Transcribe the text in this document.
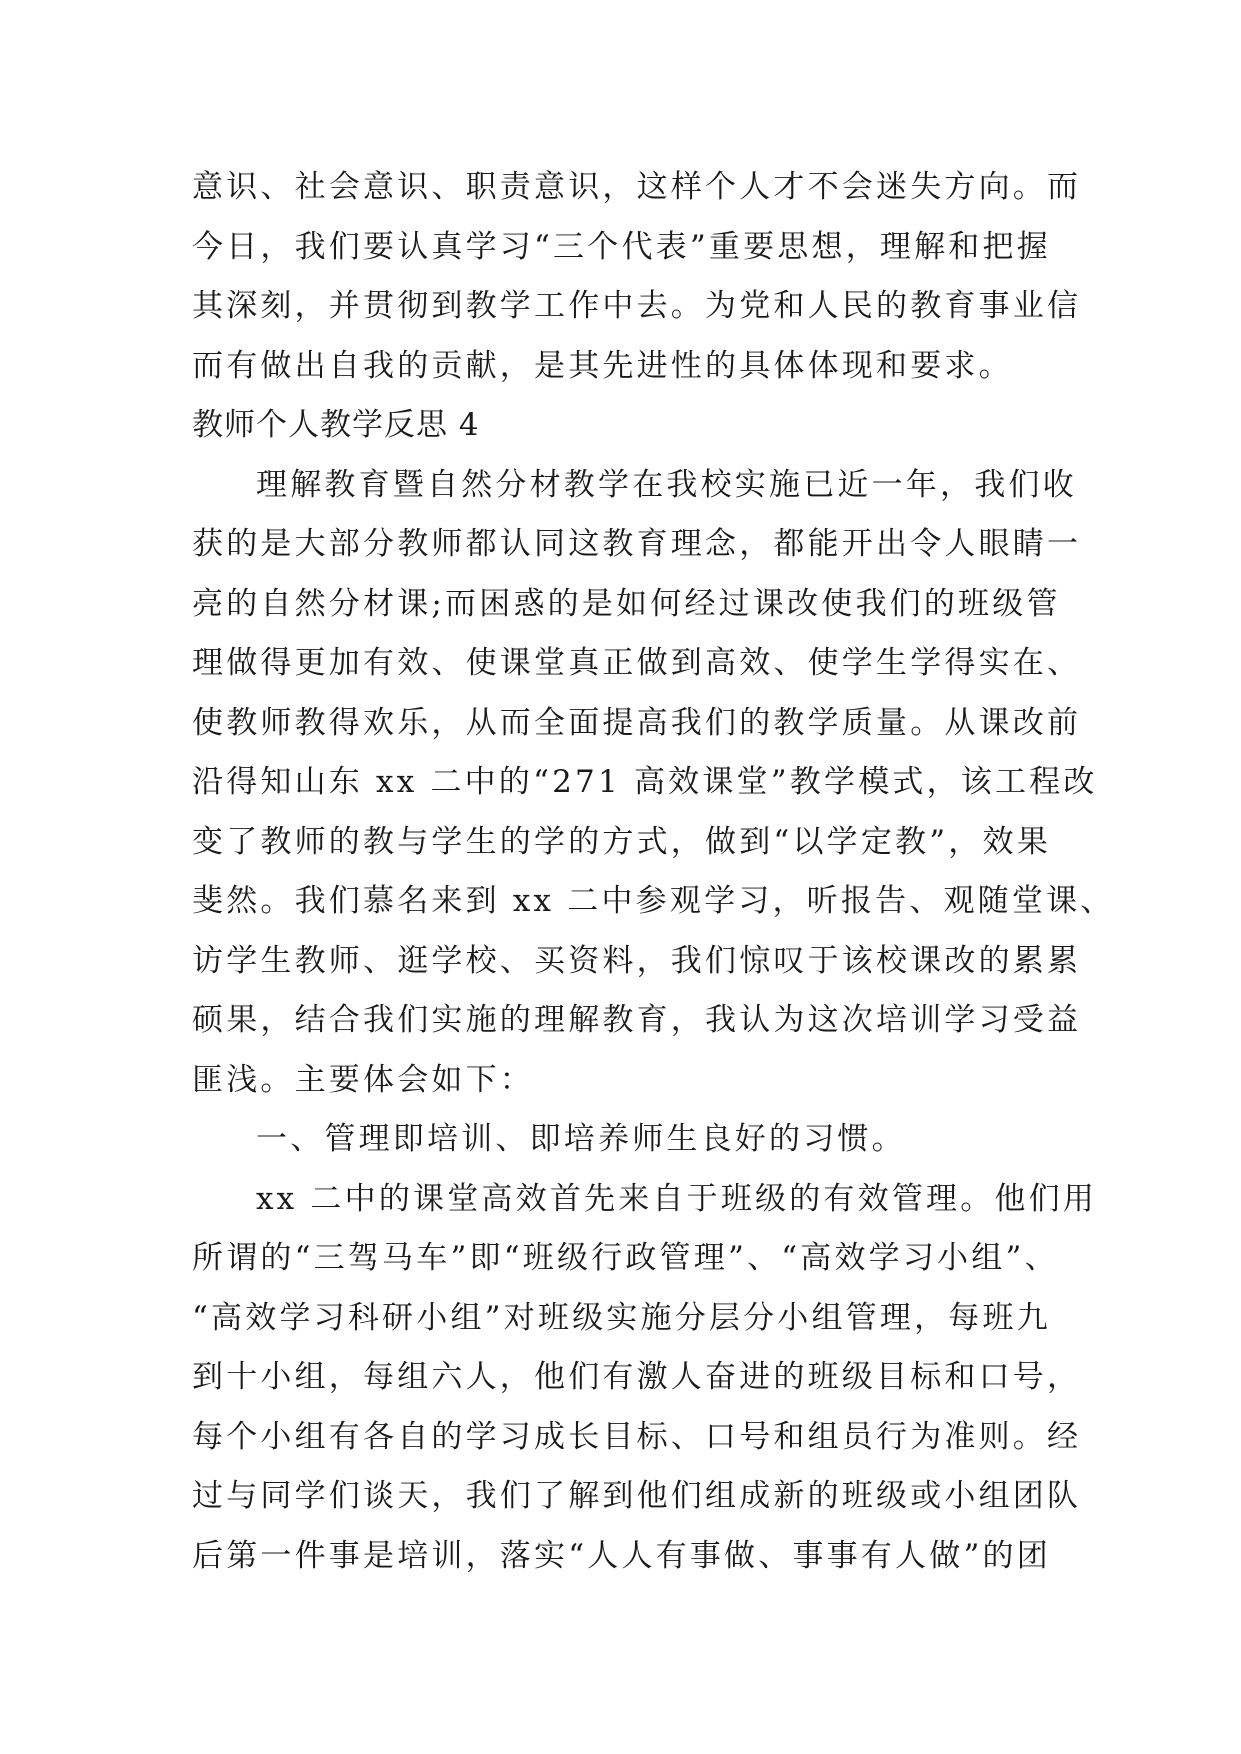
意识、社会意识、职责意识，这样个人才不会迷失方向。而
今日，我们要认真学习“三个代表”重要思想，理解和把握
其深刻，并贯彻到教学工作中去。为党和人民的教育事业信
而有做出自我的贡献，是其先进性的具体体现和要求。
教师个人教学反思 4
理解教育暨自然分材教学在我校实施已近一年，我们收
获的是大部分教师都认同这教育理念，都能开出令人眼睛一
亮的自然分材课;而困惑的是如何经过课改使我们的班级管
理做得更加有效、使课堂真正做到高效、使学生学得实在、
使教师教得欢乐，从而全面提高我们的教学质量。从课改前
沿得知山东 xx 二中的“271 高效课堂”教学模式，该工程改
变了教师的教与学生的学的方式，做到“以学定教”，效果
斐然。我们慕名来到 xx 二中参观学习，听报告、观随堂课、
访学生教师、逛学校、买资料，我们惊叹于该校课改的累累
硕果，结合我们实施的理解教育，我认为这次培训学习受益
匪浅。主要体会如下：
一、管理即培训、即培养师生良好的习惯。
xx 二中的课堂高效首先来自于班级的有效管理。他们用
所谓的“三驾马车”即“班级行政管理”、“高效学习小组”、
“高效学习科研小组”对班级实施分层分小组管理，每班九
到十小组，每组六人，他们有激人奋进的班级目标和口号，
每个小组有各自的学习成长目标、口号和组员行为准则。经
过与同学们谈天，我们了解到他们组成新的班级或小组团队
后第一件事是培训，落实“人人有事做、事事有人做”的团
